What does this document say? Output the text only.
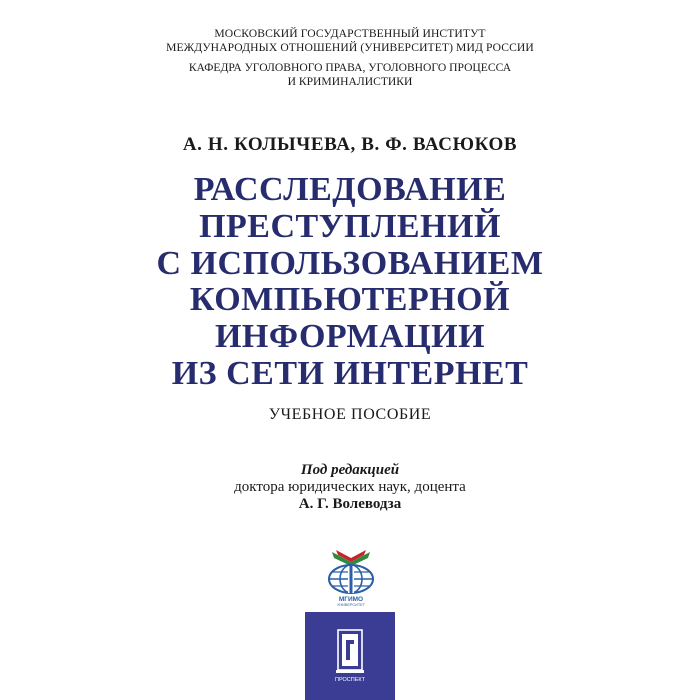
МОСКОВСКИЙ ГОСУДАРСТВЕННЫЙ ИНСТИТУТ
МЕЖДУНАРОДНЫХ ОТНОШЕНИЙ (УНИВЕРСИТЕТ) МИД РОССИИ
КАФЕДРА УГОЛОВНОГО ПРАВА, УГОЛОВНОГО ПРОЦЕССА
И КРИМИНАЛИСТИКИ
А. Н. КОЛЫЧЕВА, В. Ф. ВАСЮКОВ
РАССЛЕДОВАНИЕ
ПРЕСТУПЛЕНИЙ
С ИСПОЛЬЗОВАНИЕМ
КОМПЬЮТЕРНОЙ
ИНФОРМАЦИИ
ИЗ СЕТИ ИНТЕРНЕТ
УЧЕБНОЕ ПОСОБИЕ
Под редакцией
доктора юридических наук, доцента
А. Г. Волеводза
МГИМО
УНИВЕРСИТЕТ
ПРОСПЕКТ
